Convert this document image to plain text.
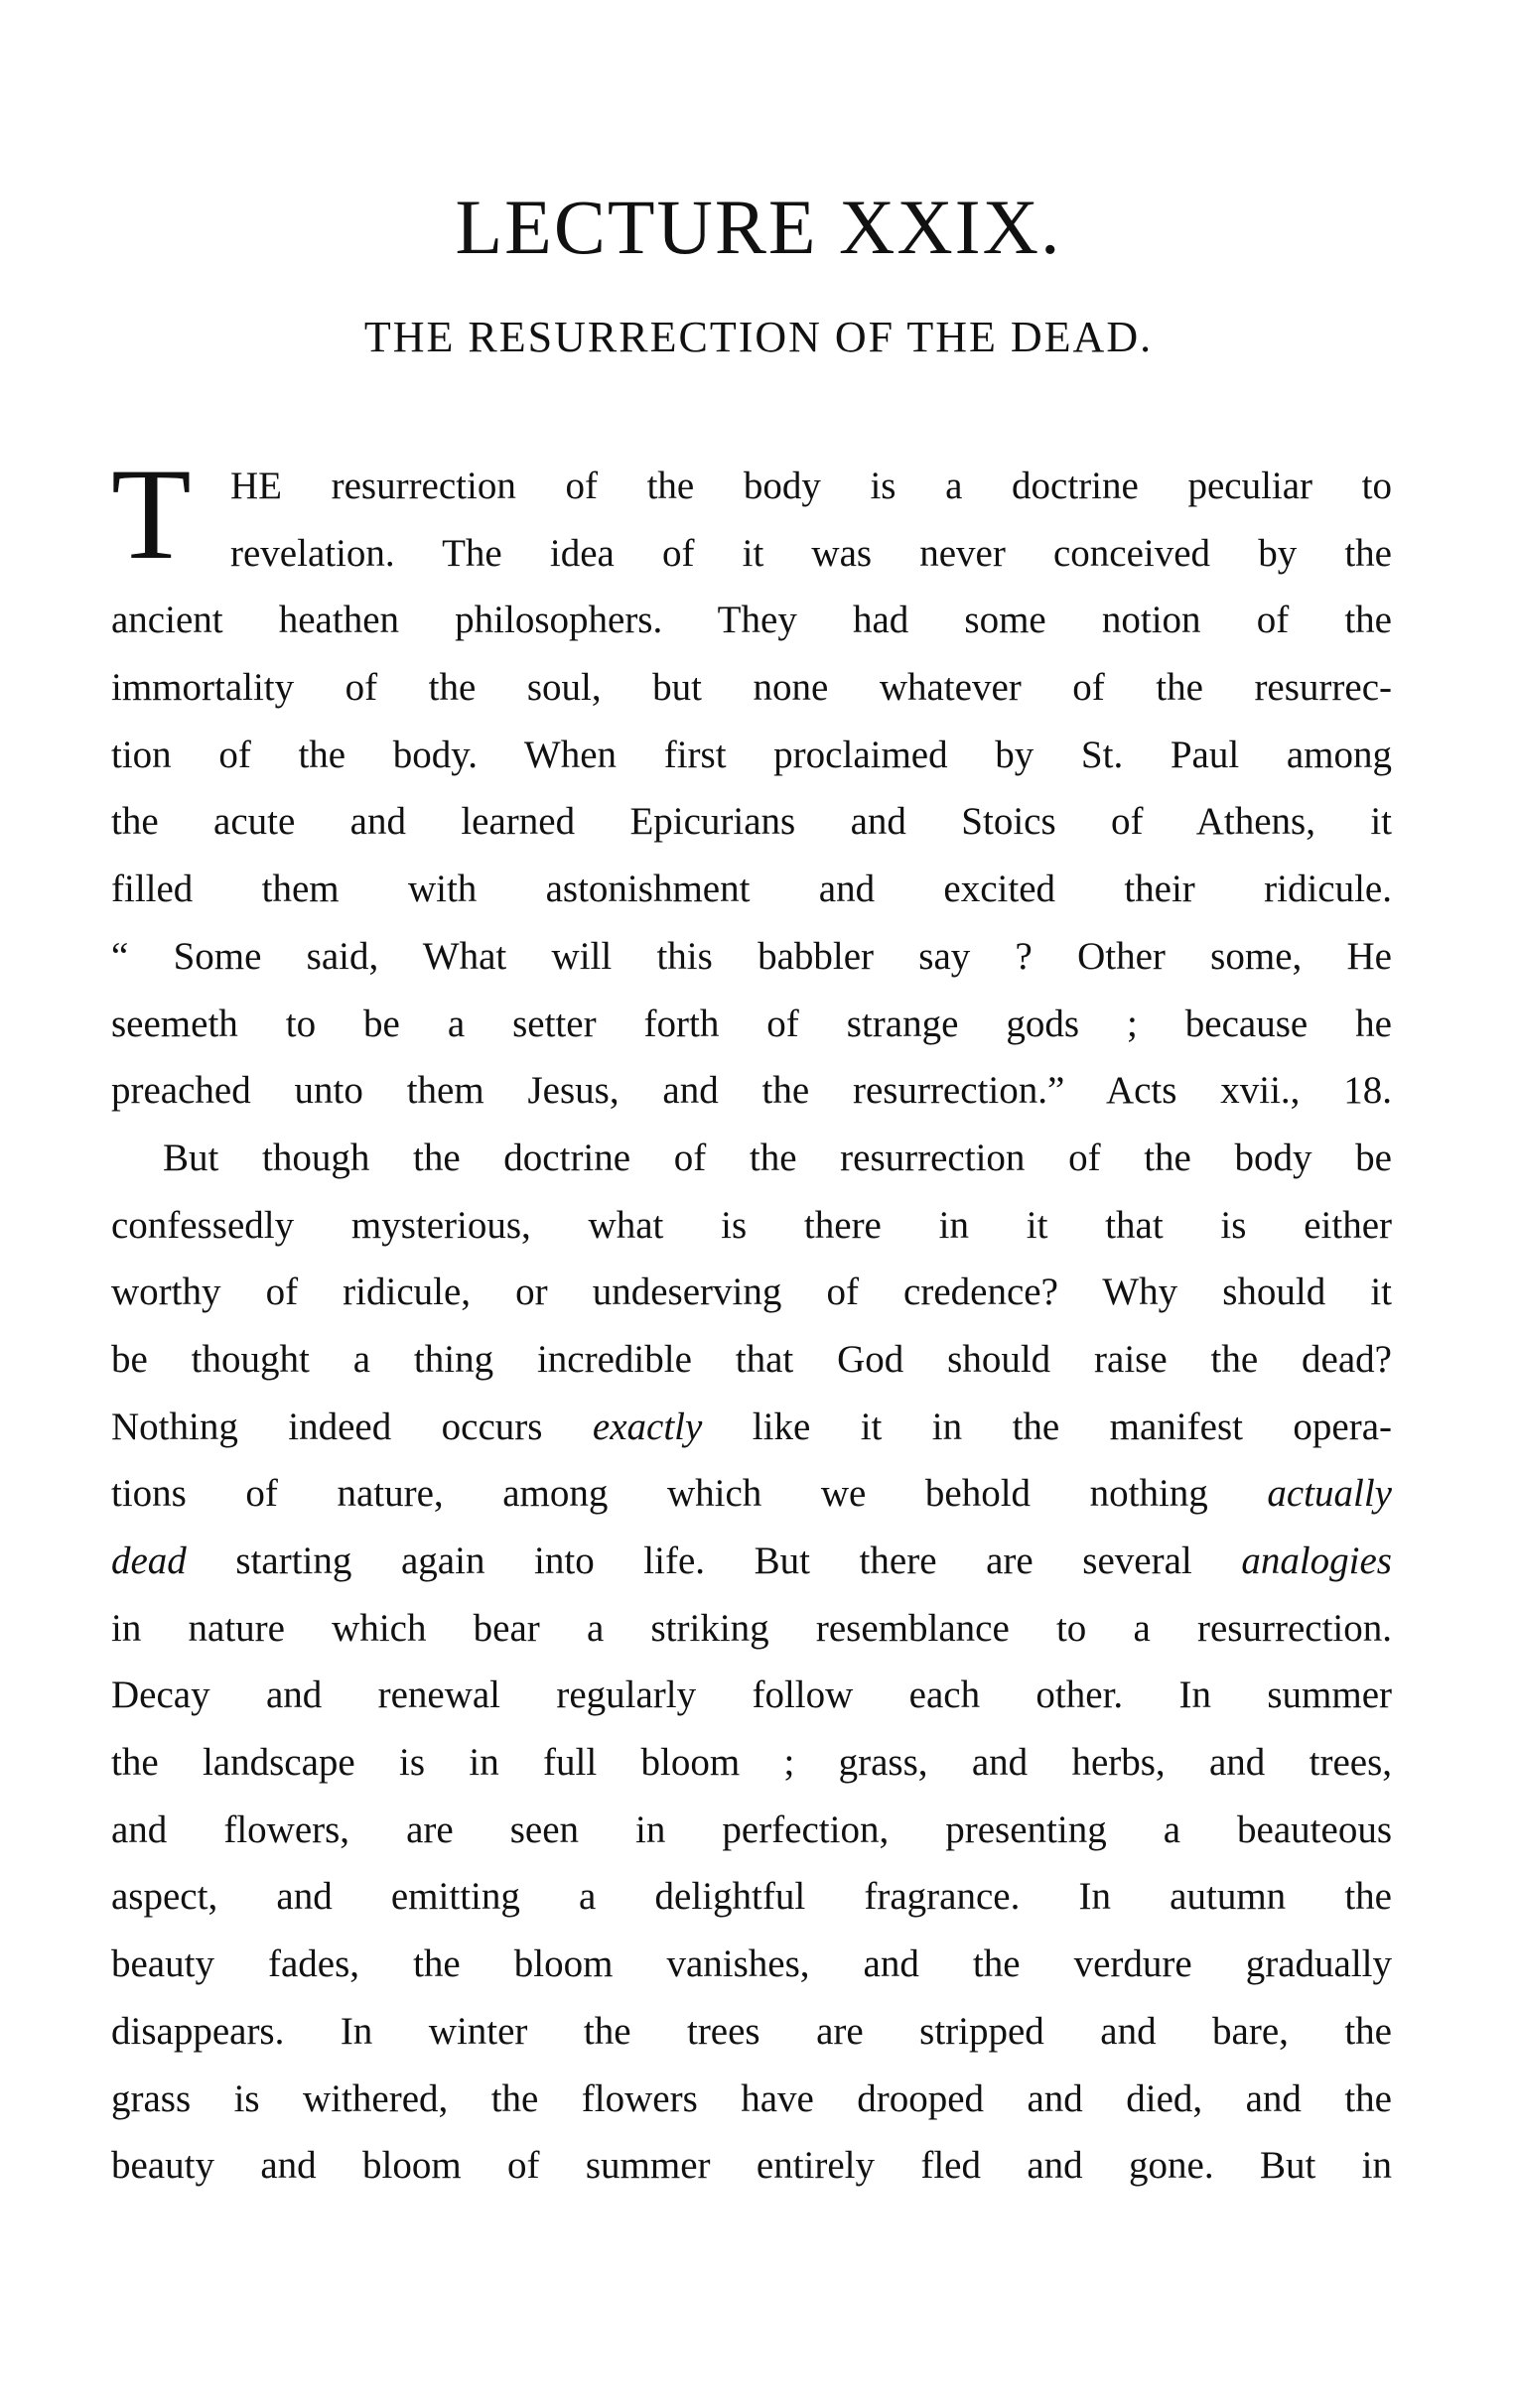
LECTURE XXIX.
THE RESURRECTION OF THE DEAD.
T	HE resurrection of the body is a doctrine peculiar to
revelation. The idea of it was never conceived by the
ancient heathen philosophers. They had some notion of the
immortality of the soul, but none whatever of the resurrec-
tion of the body. When first proclaimed by St. Paul among
the acute and learned Epicurians and Stoics of Athens, it
filled them with astonishment and excited their ridicule.
“ Some said, What will this babbler say ? Other some, He
seemeth to be a setter forth of strange gods ; because he
preached unto them Jesus, and the resurrection.” Acts xvii., 18.
But though the doctrine of the resurrection of the body be
confessedly mysterious, what is there in it that is either
worthy of ridicule, or undeserving of credence? Why should it
be thought a thing incredible that God should raise the dead?
Nothing indeed occurs exactly like it in the manifest opera-
tions of nature, among which we behold nothing actually
dead starting again into life. But there are several analogies
in nature which bear a striking resemblance to a resurrection.
Decay and renewal regularly follow each other. In summer
the landscape is in full bloom ; grass, and herbs, and trees,
and flowers, are seen in perfection, presenting a beauteous
aspect, and emitting a delightful fragrance. In autumn the
beauty fades, the bloom vanishes, and the verdure gradually
disappears. In winter the trees are stripped and bare, the
grass is withered, the flowers have drooped and died, and the
beauty and bloom of summer entirely fled and gone. But in
